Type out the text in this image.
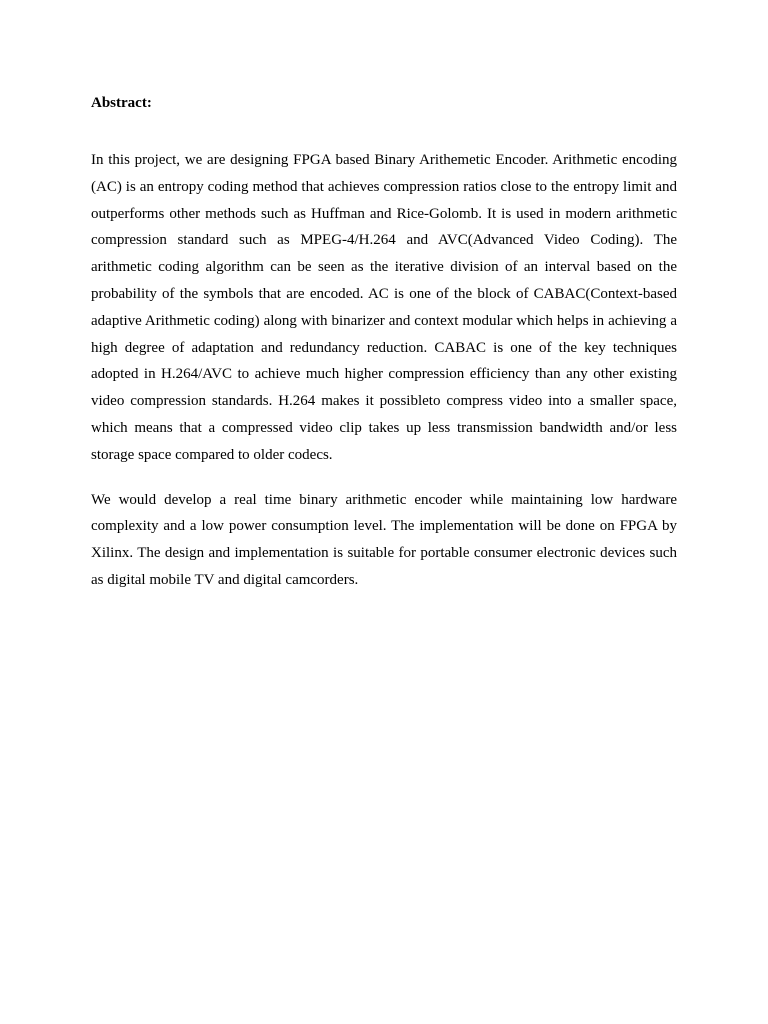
Abstract:

In this project, we are designing FPGA based Binary Arithemetic Encoder. Arithmetic encoding (AC) is an entropy coding method that achieves compression ratios close to the entropy limit and outperforms other methods such as Huffman and Rice-Golomb. It is used in modern arithmetic compression standard such as MPEG-4/H.264 and AVC(Advanced Video Coding). The arithmetic coding algorithm can be seen as the iterative division of an interval based on the probability of the symbols that are encoded. AC is one of the block of CABAC(Context-based adaptive Arithmetic coding) along with binarizer and context modular which helps in achieving a high degree of adaptation and redundancy reduction. CABAC is one of the key techniques adopted in H.264/AVC to achieve much higher compression efficiency than any other existing video compression standards. H.264 makes it possibleto compress video into a smaller space, which means that a compressed video clip takes up less transmission bandwidth and/or less storage space compared to older codecs.

We would develop a real time binary arithmetic encoder while maintaining low hardware complexity and a low power consumption level. The implementation will be done on FPGA by Xilinx. The design and implementation is suitable for portable consumer electronic devices such as digital mobile TV and digital camcorders.
